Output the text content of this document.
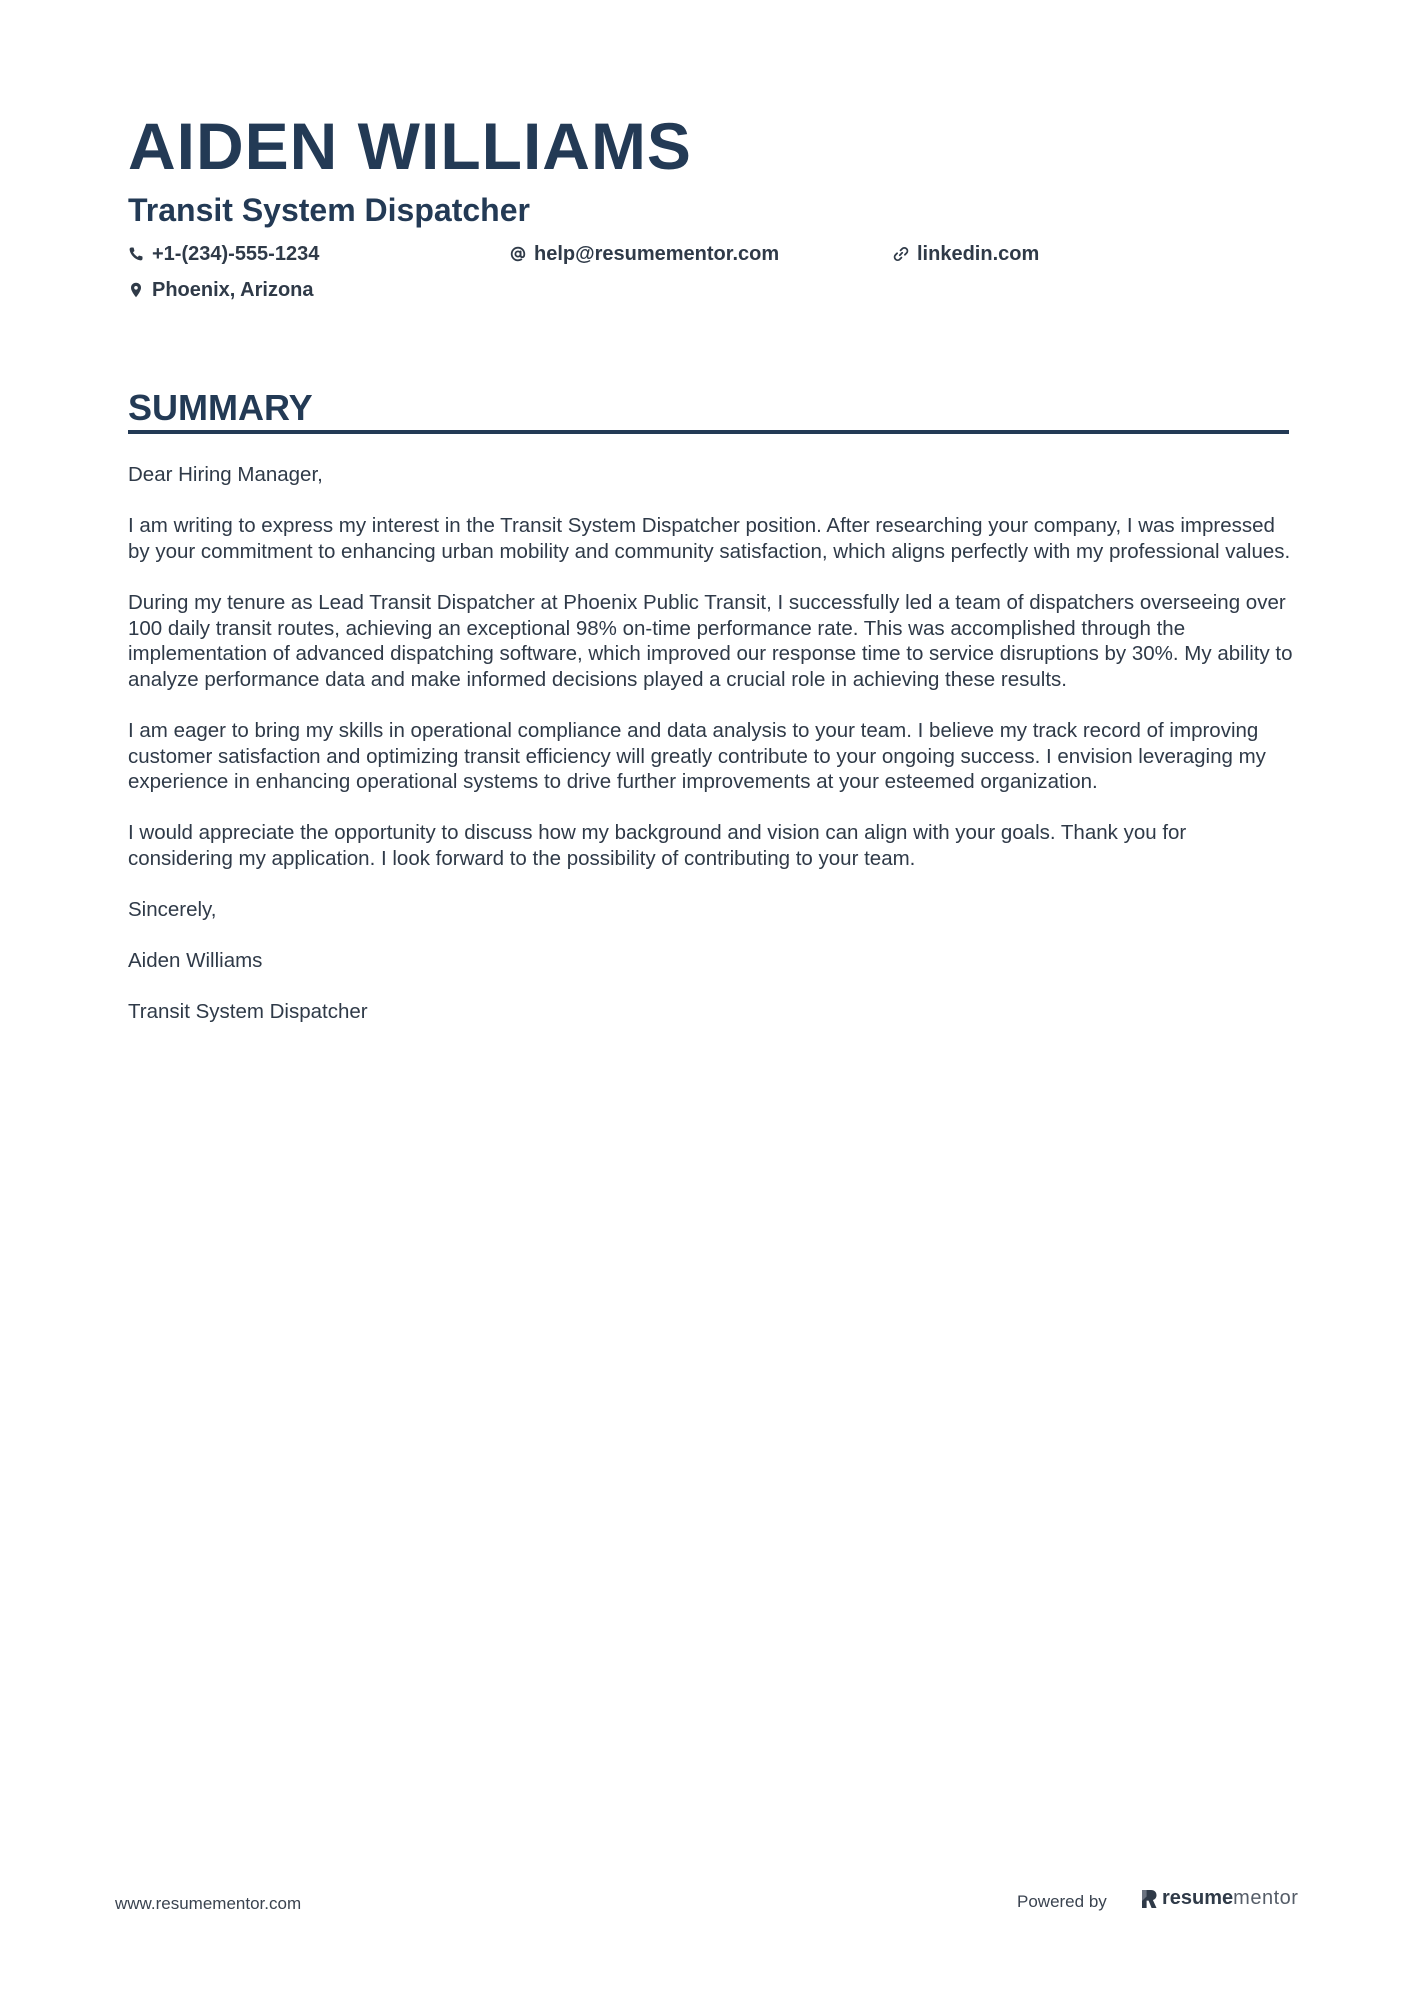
AIDEN WILLIAMS
Transit System Dispatcher
+1-(234)-555-1234	help@resumementor.com	linkedin.com
Phoenix, Arizona
SUMMARY

Dear Hiring Manager,

I am writing to express my interest in the Transit System Dispatcher position. After researching your company, I was impressed by your commitment to enhancing urban mobility and community satisfaction, which aligns perfectly with my professional values.

During my tenure as Lead Transit Dispatcher at Phoenix Public Transit, I successfully led a team of dispatchers overseeing over 100 daily transit routes, achieving an exceptional 98% on-time performance rate. This was accomplished through the implementation of advanced dispatching software, which improved our response time to service disruptions by 30%. My ability to analyze performance data and make informed decisions played a crucial role in achieving these results.

I am eager to bring my skills in operational compliance and data analysis to your team. I believe my track record of improving customer satisfaction and optimizing transit efficiency will greatly contribute to your ongoing success. I envision leveraging my experience in enhancing operational systems to drive further improvements at your esteemed organization.

I would appreciate the opportunity to discuss how my background and vision can align with your goals. Thank you for considering my application. I look forward to the possibility of contributing to your team.

Sincerely,

Aiden Williams

Transit System Dispatcher

www.resumementor.com	Powered by	resume mentor
